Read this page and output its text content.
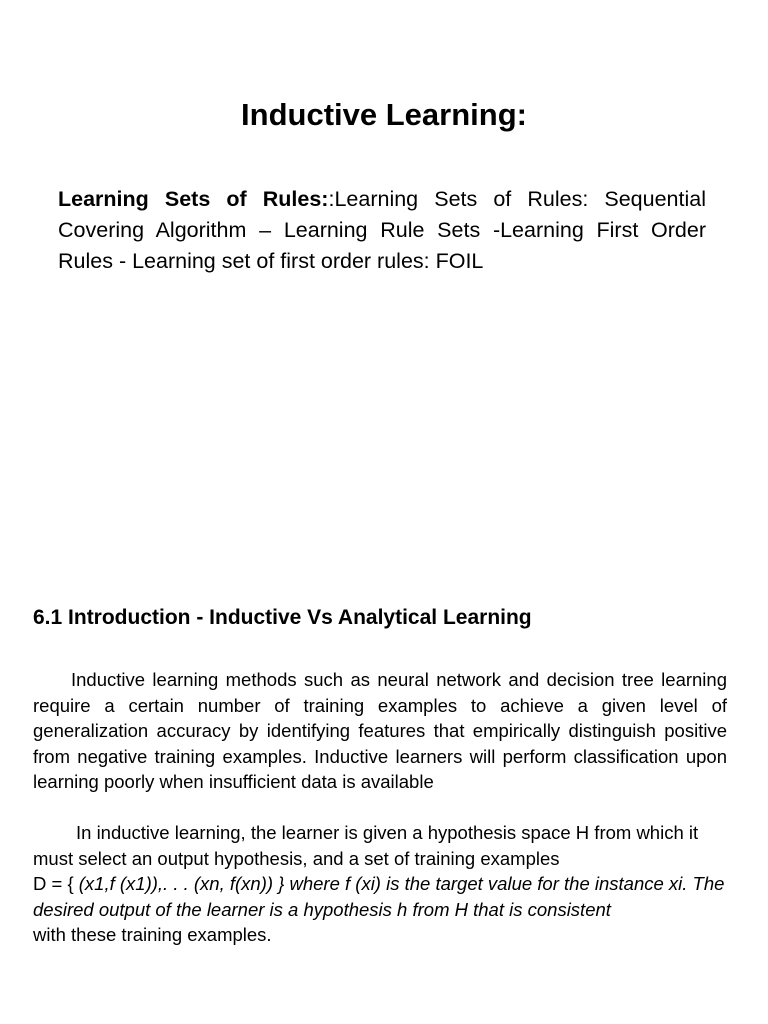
Inductive Learning:

Learning Sets of Rules::Learning Sets of Rules: Sequential Covering Algorithm – Learning Rule Sets -Learning First Order Rules - Learning set of first order rules: FOIL

6.1 Introduction - Inductive Vs Analytical Learning

Inductive learning methods such as neural network and decision tree learning require a certain number of training examples to achieve a given level of generalization accuracy by identifying features that empirically distinguish positive from negative training examples. Inductive learners will perform classification upon learning poorly when insufficient data is available

In inductive learning, the learner is given a hypothesis space H from which it must select an output hypothesis, and a set of training examples
D = { (x1,f (x1)),. . . (xn, f(xn)) } where f (xi) is the target value for the instance xi. The desired output of the learner is a hypothesis h from H that is consistent
with these training examples.
